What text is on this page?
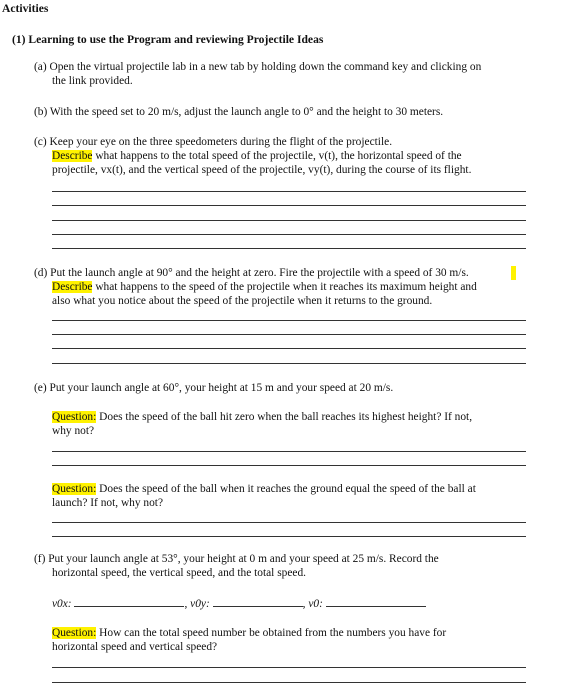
Activities
(1) Learning to use the Program and reviewing Projectile Ideas
(a) Open the virtual projectile lab in a new tab by holding down the command key and clicking on
the link provided.
(b) With the speed set to 20 m/s, adjust the launch angle to 0° and the height to 30 meters.
(c) Keep your eye on the three speedometers during the flight of the projectile.
Describe what happens to the total speed of the projectile, v(t), the horizontal speed of the
projectile, vx(t), and the vertical speed of the projectile, vy(t), during the course of its flight.
(d) Put the launch angle at 90° and the height at zero. Fire the projectile with a speed of 30 m/s.
Describe what happens to the speed of the projectile when it reaches its maximum height and
also what you notice about the speed of the projectile when it returns to the ground.
(e) Put your launch angle at 60°, your height at 15 m and your speed at 20 m/s.
Question: Does the speed of the ball hit zero when the ball reaches its highest height? If not,
why not?
Question: Does the speed of the ball when it reaches the ground equal the speed of the ball at
launch? If not, why not?
(f) Put your launch angle at 53°, your height at 0 m and your speed at 25 m/s. Record the
horizontal speed, the vertical speed, and the total speed.
v0x:	, v0y:	, v0:
Question: How can the total speed number be obtained from the numbers you have for
horizontal speed and vertical speed?
